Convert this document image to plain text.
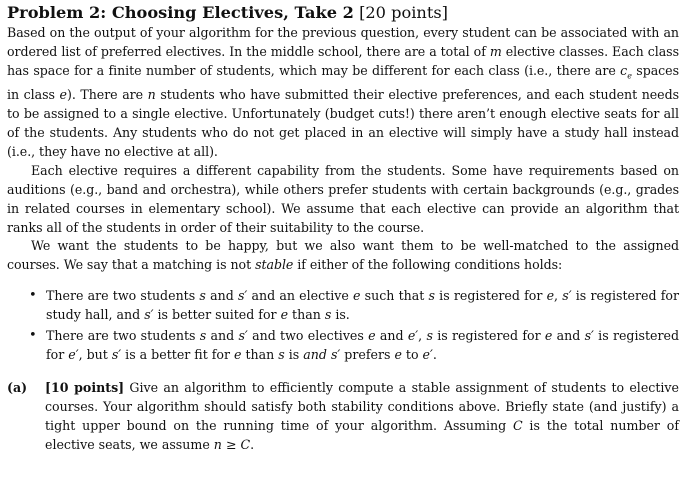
Problem 2: Choosing Electives, Take 2 [20 points]

Based on the output of your algorithm for the previous question, every student can be associated with an ordered list of preferred electives. In the middle school, there are a total of m elective classes. Each class has space for a finite number of students, which may be different for each class (i.e., there are $c_e$ spaces in class e). There are n students who have submitted their elective preferences, and each student needs to be assigned to a single elective. Unfortunately (budget cuts!) there aren’t enough elective seats for all of the students. Any students who do not get placed in an elective will simply have a study hall instead (i.e., they have no elective at all).

Each elective requires a different capability from the students. Some have requirements based on auditions (e.g., band and orchestra), while others prefer students with certain backgrounds (e.g., grades in related courses in elementary school). We assume that each elective can provide an algorithm that ranks all of the students in order of their suitability to the course.

We want the students to be happy, but we also want them to be well-matched to the assigned courses. We say that a matching is not stable if either of the following conditions holds:

• There are two students s and s′ and an elective e such that s is registered for e, s′ is registered for study hall, and s′ is better suited for e than s is.
• There are two students s and s′ and two electives e and e′, s is registered for e and s′ is registered for e′, but s′ is a better fit for e than s is and s′ prefers e to e′.
(a) [10 points] Give an algorithm to efficiently compute a stable assignment of students to elective courses. Your algorithm should satisfy both stability conditions above. Briefly state (and justify) a tight upper bound on the running time of your algorithm. Assuming C is the total number of elective seats, we assume n ≥ C.
